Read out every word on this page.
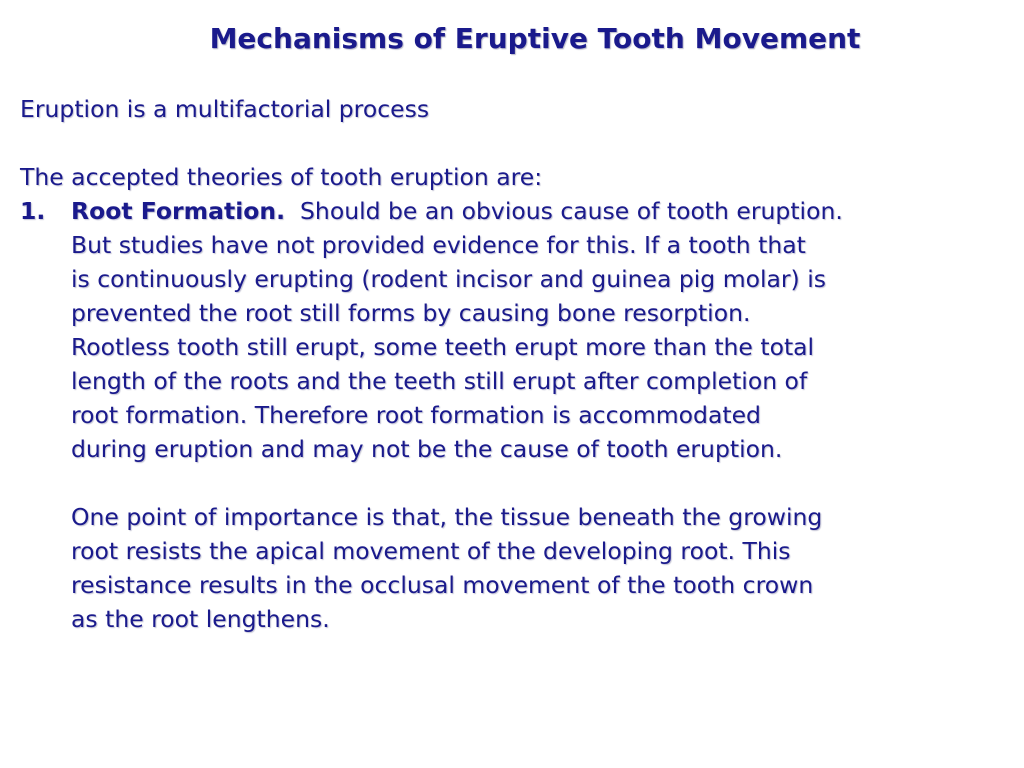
Mechanisms of Eruptive Tooth Movement
Eruption is a multifactorial process
The accepted theories of tooth eruption are:
1. Root Formation.  Should be an obvious cause of tooth eruption.
But studies have not provided evidence for this. If a tooth that
is continuously erupting (rodent incisor and guinea pig molar) is
prevented the root still forms by causing bone resorption.
Rootless tooth still erupt, some teeth erupt more than the total
length of the roots and the teeth still erupt after completion of
root formation. Therefore root formation is accommodated
during eruption and may not be the cause of tooth eruption.
One point of importance is that, the tissue beneath the growing
root resists the apical movement of the developing root. This
resistance results in the occlusal movement of the tooth crown
as the root lengthens.
